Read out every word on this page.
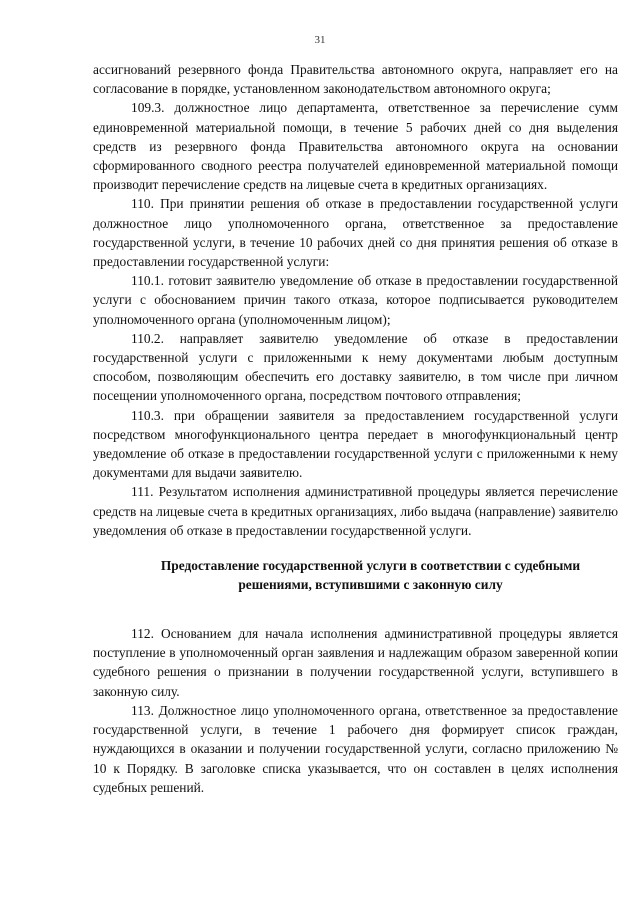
31

ассигнований резервного фонда Правительства автономного округа, направляет его на согласование в порядке, установленном законодательством автономного округа;

109.3. должностное лицо департамента, ответственное за перечисление сумм единовременной материальной помощи, в течение 5 рабочих дней со дня выделения средств из резервного фонда Правительства автономного округа на основании сформированного сводного реестра получателей единовременной материальной помощи производит перечисление средств на лицевые счета в кредитных организациях.

110. При принятии решения об отказе в предоставлении государственной услуги должностное лицо уполномоченного органа, ответственное за предоставление государственной услуги, в течение 10 рабочих дней со дня принятия решения об отказе в предоставлении государственной услуги:

110.1. готовит заявителю уведомление об отказе в предоставлении государственной услуги с обоснованием причин такого отказа, которое подписывается руководителем уполномоченного органа (уполномоченным лицом);

110.2. направляет заявителю уведомление об отказе в предоставлении государственной услуги с приложенными к нему документами любым доступным способом, позволяющим обеспечить его доставку заявителю, в том числе при личном посещении уполномоченного органа, посредством почтового отправления;

110.3. при обращении заявителя за предоставлением государственной услуги посредством многофункционального центра передает в многофункциональный центр уведомление об отказе в предоставлении государственной услуги с приложенными к нему документами для выдачи заявителю.

111. Результатом исполнения административной процедуры является перечисление средств на лицевые счета в кредитных организациях, либо выдача (направление) заявителю уведомления об отказе в предоставлении государственной услуги.

Предоставление государственной услуги в соответствии с судебными решениями, вступившими с законную силу

112. Основанием для начала исполнения административной процедуры является поступление в уполномоченный орган заявления и надлежащим образом заверенной копии судебного решения о признании в получении государственной услуги, вступившего в законную силу.

113. Должностное лицо уполномоченного органа, ответственное за предоставление государственной услуги, в течение 1 рабочего дня формирует список граждан, нуждающихся в оказании и получении государственной услуги, согласно приложению № 10 к Порядку. В заголовке списка указывается, что он составлен в целях исполнения судебных решений.
